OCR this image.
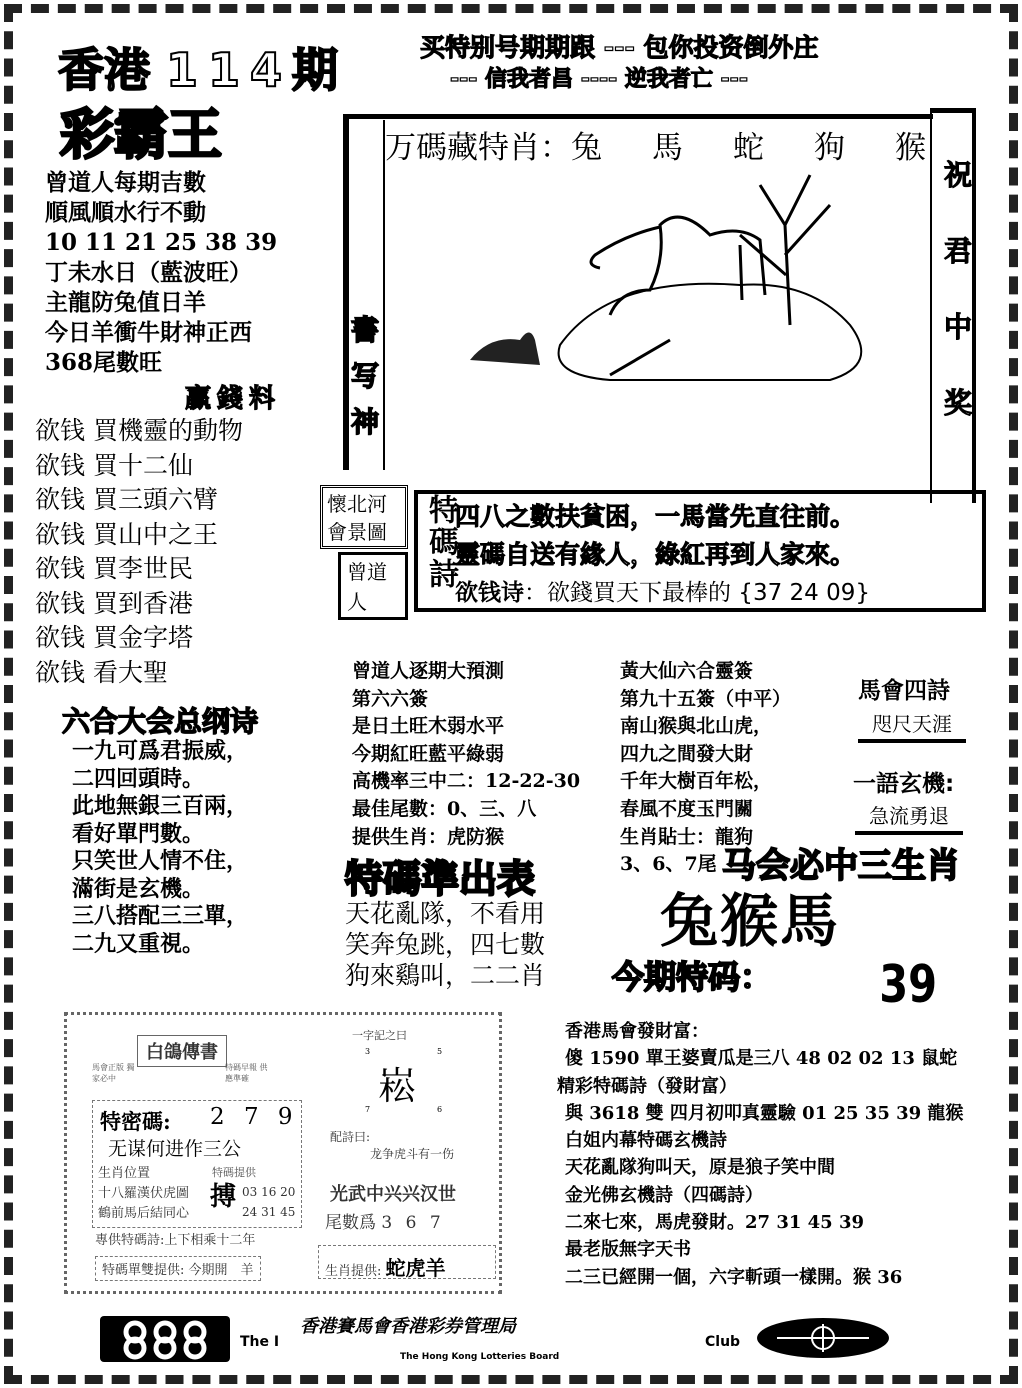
香港 114期
彩霸王
曾道人每期吉數
順風順水行不動
10 11 21 25 38 39
丁未水日（藍波旺）
主龍防兔值日羊
今日羊衝牛財神正西
368尾數旺
贏錢料
欲钱 買機靈的動物
欲钱 買十二仙
欲钱 買三頭六臂
欲钱 買山中之王
欲钱 買李世民
欲钱 買到香港
欲钱 買金字塔
欲钱 看大聖
六合大会总纲诗
一九可爲君振威，
二四回頭時。
此地無銀三百兩，
看好單門數。
只笑世人情不住，
滿街是玄機。
三八搭配三三單，
二九又重視。
买特别号期期跟 --- 包你投资倒外庄
--- 信我者昌 ---- 逆我者亡 ---
万碼藏特肖：兔 馬 蛇 狗 猴
祝君中奖
書写神
懷北河會景圖
曾道人
特碼詩
四八之數扶貧困，一馬當先直往前。
靈碼自送有緣人，綠紅再到人家來。
欲钱诗：欲錢買天下最棒的 {37 24 09}
曾道人逐期大預測
第六六簽
是日土旺木弱水平
今期紅旺藍平綠弱
高機率三中二：12-22-30
最佳尾數：0、三、八
提供生肖：虎防猴
黃大仙六合靈簽
第九十五簽（中平）
南山猴與北山虎，
四九之間發大財
千年大樹百年松，
春風不度玉門關
生肖貼士：龍狗
3、6、7尾
馬會四詩
咫尺天涯
一語玄機:
急流勇退
特碼準出表
天花亂隊，不看用
笑奔兔跳，四七數
狗來鷄叫，二二肖
马会必中三生肖
兔猴馬
今期特码： 39
白鴿傳書
馬會正版 獨家必中
特碼早報 供應準確
特密碼: 2 7 9
无谋何进作三公
生肖位置
十八羅漢伏虎圖
鶴前馬后結同心
特碼提供
搏 03 16 20
24 31 45
專供特碼詩:上下相乘十二年
特碼單雙提供: 今期開　羊
一字記之曰
3	5
7	6
崧
配詩曰:
龙争虎斗有一伤
光武中兴兴汉世
尾數爲 3 6 7
生肖提供: 蛇虎羊
香港馬會發財富：
傻 1590 單王婆賣瓜是三八 48 02 02 13 鼠蛇
精彩特碼詩（發財富）
與 3618 雙 四月初叩真靈驗 01 25 35 39 龍猴
白姐内幕特碼玄機詩
天花亂隊狗叫天，原是狼子笑中間
金光佛玄機詩（四碼詩）
二來七來，馬虎發財。27 31 45 39
最老版無字天书
二三已經開一個，六字斬頭一樣開。猴 36
香港賽馬會香港彩券管理局
The I	Club
The Hong Kong Lotteries Board
